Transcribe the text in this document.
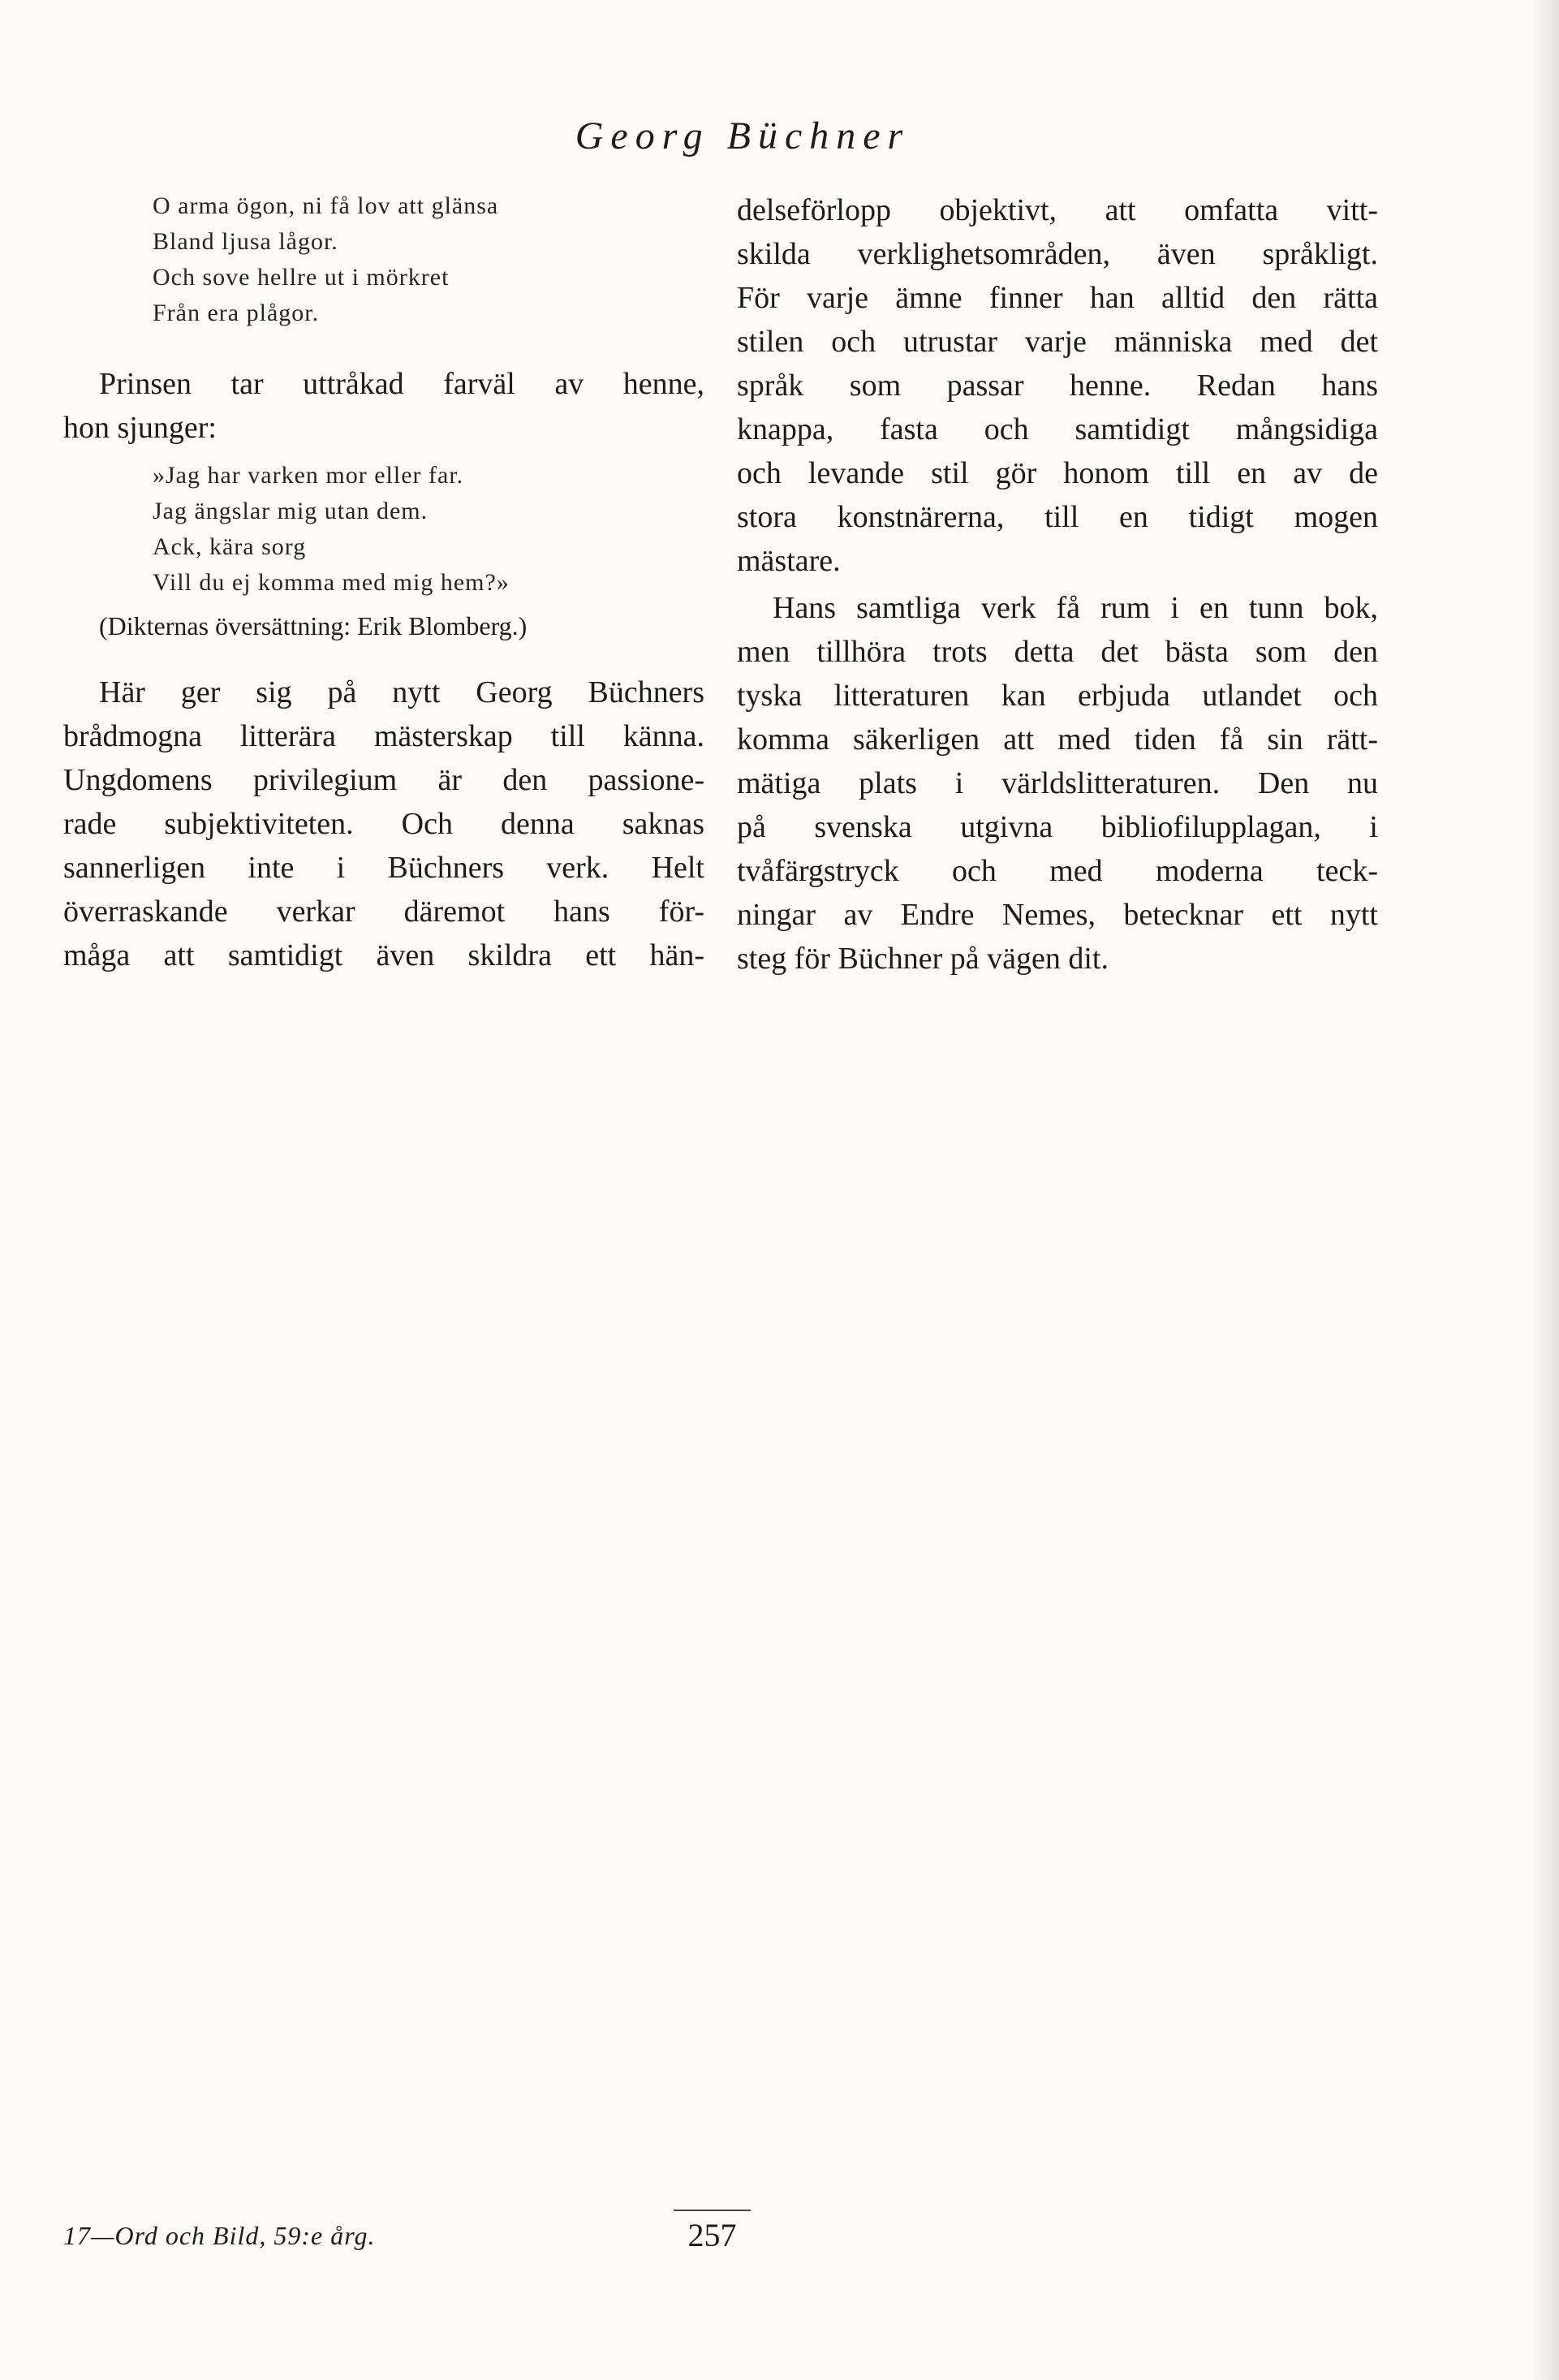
Georg Büchner
O arma ögon, ni få lov att glänsa
Bland ljusa lågor.
Och sove hellre ut i mörkret
Från era plågor.
Prinsen tar uttråkad farväl av henne,
hon sjunger:
»Jag har varken mor eller far.
Jag ängslar mig utan dem.
Ack, kära sorg
Vill du ej komma med mig hem?»
(Dikternas översättning: Erik Blomberg.)
Här ger sig på nytt Georg Büchners
brådmogna litterära mästerskap till känna.
Ungdomens privilegium är den passione-
rade subjektiviteten. Och denna saknas
sannerligen inte i Büchners verk. Helt
överraskande verkar däremot hans för-
måga att samtidigt även skildra ett hän-
delseförlopp objektivt, att omfatta vitt-
skilda verklighetsområden, även språkligt.
För varje ämne finner han alltid den rätta
stilen och utrustar varje människa med det
språk som passar henne. Redan hans
knappa, fasta och samtidigt mångsidiga
och levande stil gör honom till en av de
stora konstnärerna, till en tidigt mogen
mästare.
Hans samtliga verk få rum i en tunn bok,
men tillhöra trots detta det bästa som den
tyska litteraturen kan erbjuda utlandet och
komma säkerligen att med tiden få sin rätt-
mätiga plats i världslitteraturen. Den nu
på svenska utgivna bibliofilupplagan, i
tvåfärgstryck och med moderna teck-
ningar av Endre Nemes, betecknar ett nytt
steg för Büchner på vägen dit.
17—Ord och Bild, 59:e årg.	257
